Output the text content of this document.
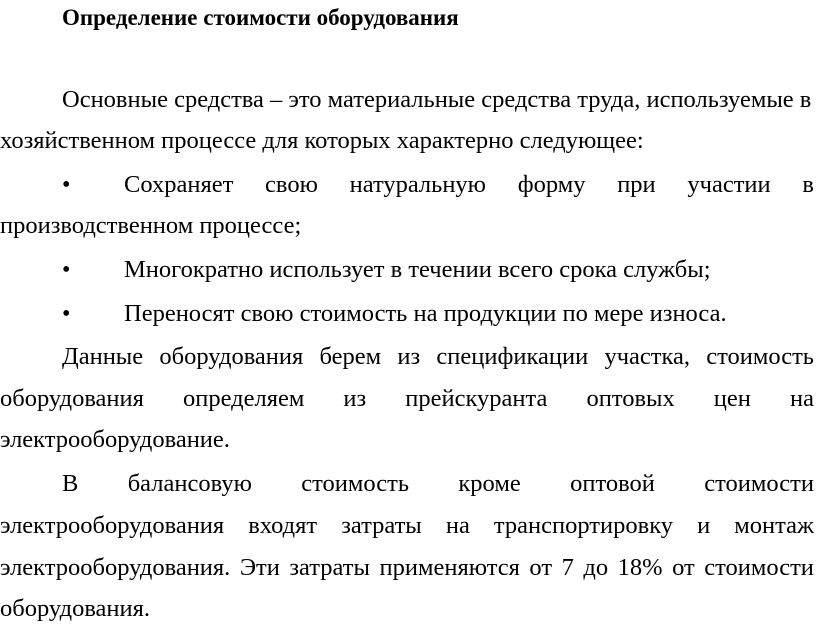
Определение стоимости оборудования
Основные средства – это материальные средства труда, используемые в
хозяйственном процессе для которых характерно следующее:
• Сохраняет свою натуральную форму при участии в
производственном процессе;
• Многократно использует в течении всего срока службы;
• Переносят свою стоимость на продукции по мере износа.
Данные оборудования берем из спецификации участка, стоимость
оборудования определяем из прейскуранта оптовых цен на
электрооборудование.
В балансовую стоимость кроме оптовой стоимости
электрооборудования входят затраты на транспортировку и монтаж
электрооборудования. Эти затраты применяются от 7 до 18% от стоимости
оборудования.
